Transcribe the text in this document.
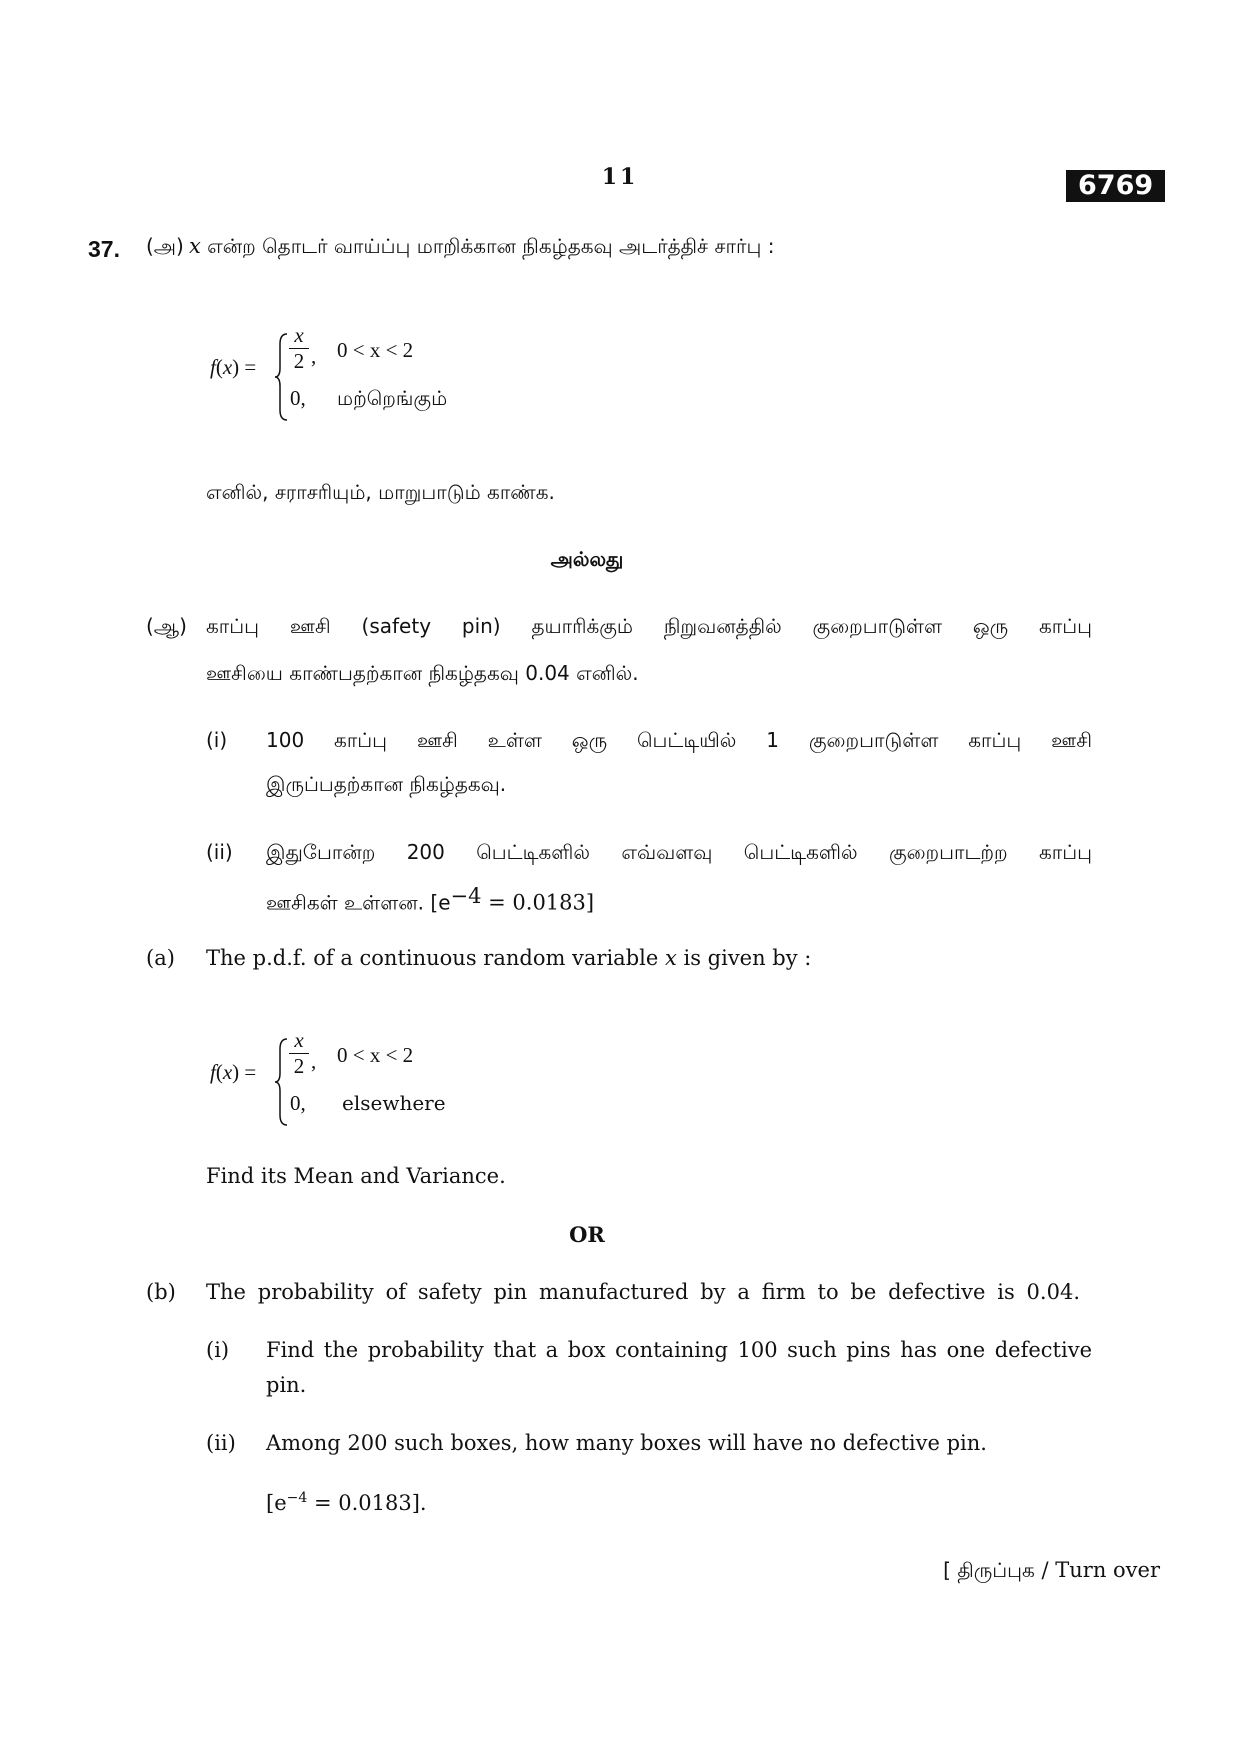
11	6769
37. (அ) x என்ற தொடர் வாய்ப்பு மாறிக்கான நிகழ்தகவு அடர்த்திச் சார்பு :
f(x) =
x
2 , 0 < x < 2
0, மற்றெங்கும்
எனில், சராசரியும், மாறுபாடும் காண்க.
அல்லது
(ஆ) காப்பு ஊசி (safety pin) தயாரிக்கும் நிறுவனத்தில் குறைபாடுள்ள ஒரு காப்பு
ஊசியை காண்பதற்கான நிகழ்தகவு 0.04 எனில்.
(i) 100 காப்பு ஊசி உள்ள ஒரு பெட்டியில் 1 குறைபாடுள்ள காப்பு ஊசி
இருப்பதற்கான நிகழ்தகவு.
(ii) இதுபோன்ற 200 பெட்டிகளில் எவ்வளவு பெட்டிகளில் குறைபாடற்ற காப்பு
ஊசிகள் உள்ளன. $[e^{-4} = 0.0183]$
(a) The p.d.f. of a continuous random variable x is given by :
f(x) =
x
2 , 0 < x < 2
0, elsewhere
Find its Mean and Variance.
OR
(b) The probability of safety pin manufactured by a firm to be defective is 0.04.
(i) Find the probability that a box containing 100 such pins has one defective
pin.
(ii) Among 200 such boxes, how many boxes will have no defective pin.
$[e^{-4} = 0.0183]$.
[ திருப்புக / Turn over
